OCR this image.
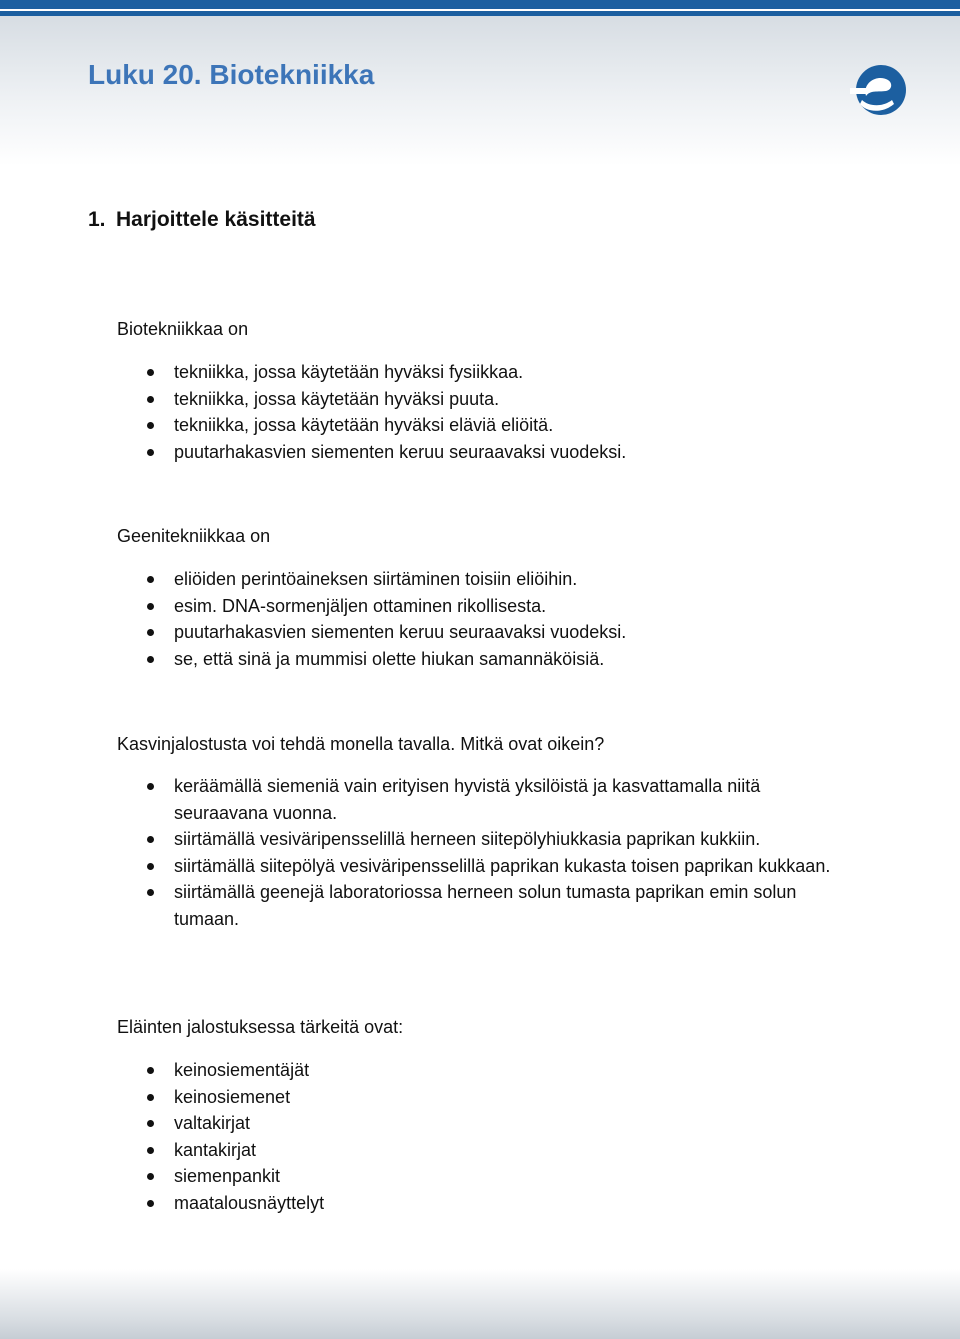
Luku 20. Biotekniikka
1. Harjoittele käsitteitä

Biotekniikkaa on

tekniikka, jossa käytetään hyväksi fysiikkaa.
tekniikka, jossa käytetään hyväksi puuta.
tekniikka, jossa käytetään hyväksi eläviä eliöitä.
puutarhakasvien siementen keruu seuraavaksi vuodeksi.

Geenitekniikkaa on

eliöiden perintöaineksen siirtäminen toisiin eliöihin.
esim. DNA-sormenjäljen ottaminen rikollisesta.
puutarhakasvien siementen keruu seuraavaksi vuodeksi.
se, että sinä ja mummisi olette hiukan samannäköisiä.

Kasvinjalostusta voi tehdä monella tavalla. Mitkä ovat oikein?

keräämällä siemeniä vain erityisen hyvistä yksilöistä ja kasvattamalla niitä seuraavana vuonna.
siirtämällä vesiväripensselillä herneen siitepölyhiukkasia paprikan kukkiin.
siirtämällä siitepölyä vesiväripensselillä paprikan kukasta toisen paprikan kukkaan.
siirtämällä geenejä laboratoriossa herneen solun tumasta paprikan emin solun tumaan.

Eläinten jalostuksessa tärkeitä ovat:

keinosiementäjät
keinosiemenet
valtakirjat
kantakirjat
siemenpankit
maatalousnäyttelyt
